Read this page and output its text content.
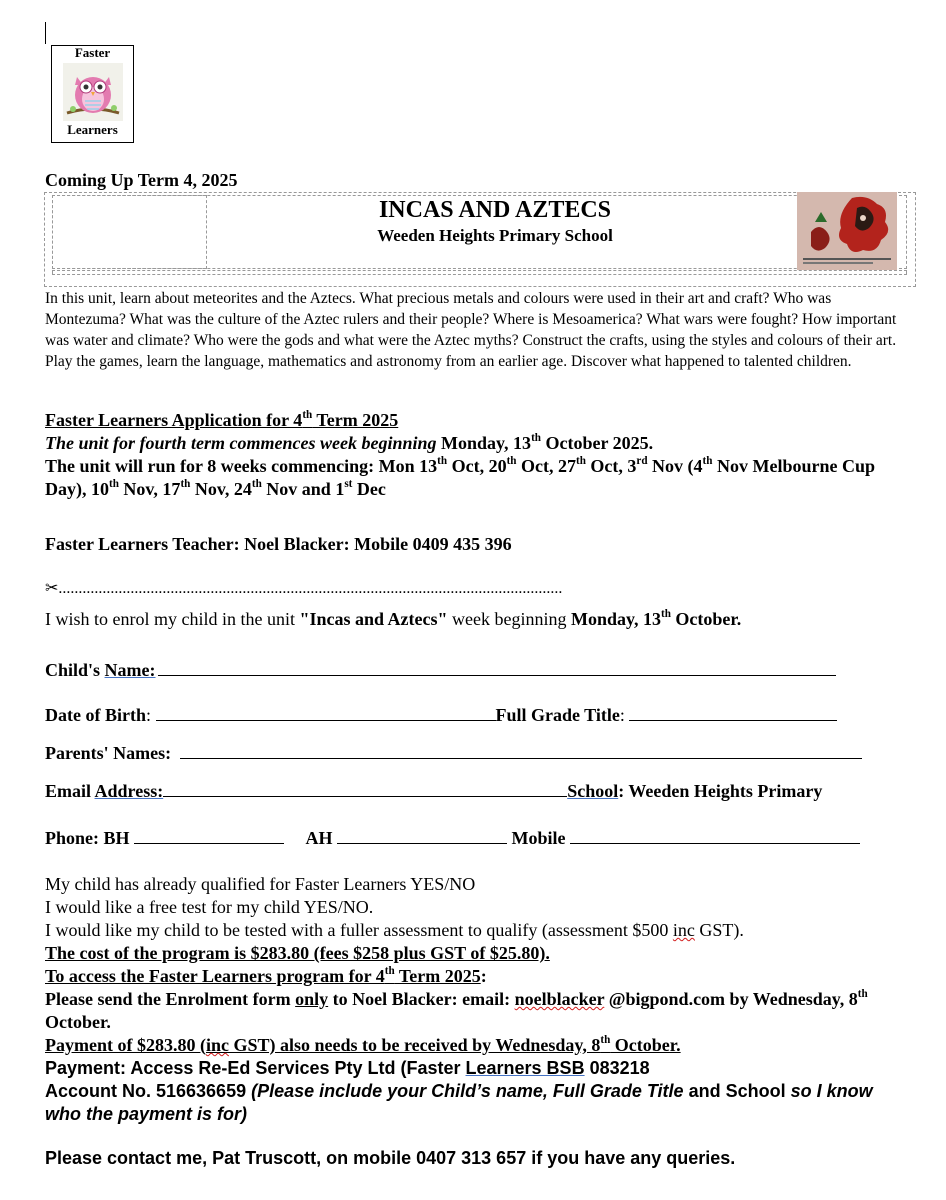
Faster
Learners
Coming Up Term 4, 2025
INCAS AND AZTECS
Weeden Heights Primary School
In this unit, learn about meteorites and the Aztecs. What precious metals and colours were used in their art and craft? Who was Montezuma? What was the culture of the Aztec rulers and their people? Where is Mesoamerica? What wars were fought? How important was water and climate? Who were the gods and what were the Aztec myths? Construct the crafts, using the styles and colours of their art. Play the games, learn the language, mathematics and astronomy from an earlier age. Discover what happened to talented children.
Faster Learners Application for 4th Term 2025
The unit for fourth term commences week beginning Monday, 13th October 2025.
The unit will run for 8 weeks commencing: Mon 13th Oct, 20th Oct, 27th Oct, 3rd Nov (4th Nov Melbourne Cup Day), 10th Nov, 17th Nov, 24th Nov and 1st Dec
Faster Learners Teacher: Noel Blacker: Mobile 0409 435 396
✂..............................................................................................................................
I wish to enrol my child in the unit "Incas and Aztecs" week beginning Monday, 13th October.
Child's Name:
Date of Birth:	Full Grade Title:
Parents' Names:
Email Address:	School: Weeden Heights Primary
Phone: BH	AH	Mobile
My child has already qualified for Faster Learners YES/NO
I would like a free test for my child YES/NO.
I would like my child to be tested with a fuller assessment to qualify (assessment $500 inc GST).
The cost of the program is $283.80 (fees $258 plus GST of $25.80).
To access the Faster Learners program for 4th Term 2025:
Please send the Enrolment form only to Noel Blacker: email: noelblacker @bigpond.com by Wednesday, 8th October.
Payment of $283.80 (inc GST) also needs to be received by Wednesday, 8th October.
Payment: Access Re-Ed Services Pty Ltd (Faster Learners BSB 083218
Account No. 516636659 (Please include your Child’s name, Full Grade Title and School so I know who the payment is for)
Please contact me, Pat Truscott, on mobile 0407 313 657 if you have any queries.
